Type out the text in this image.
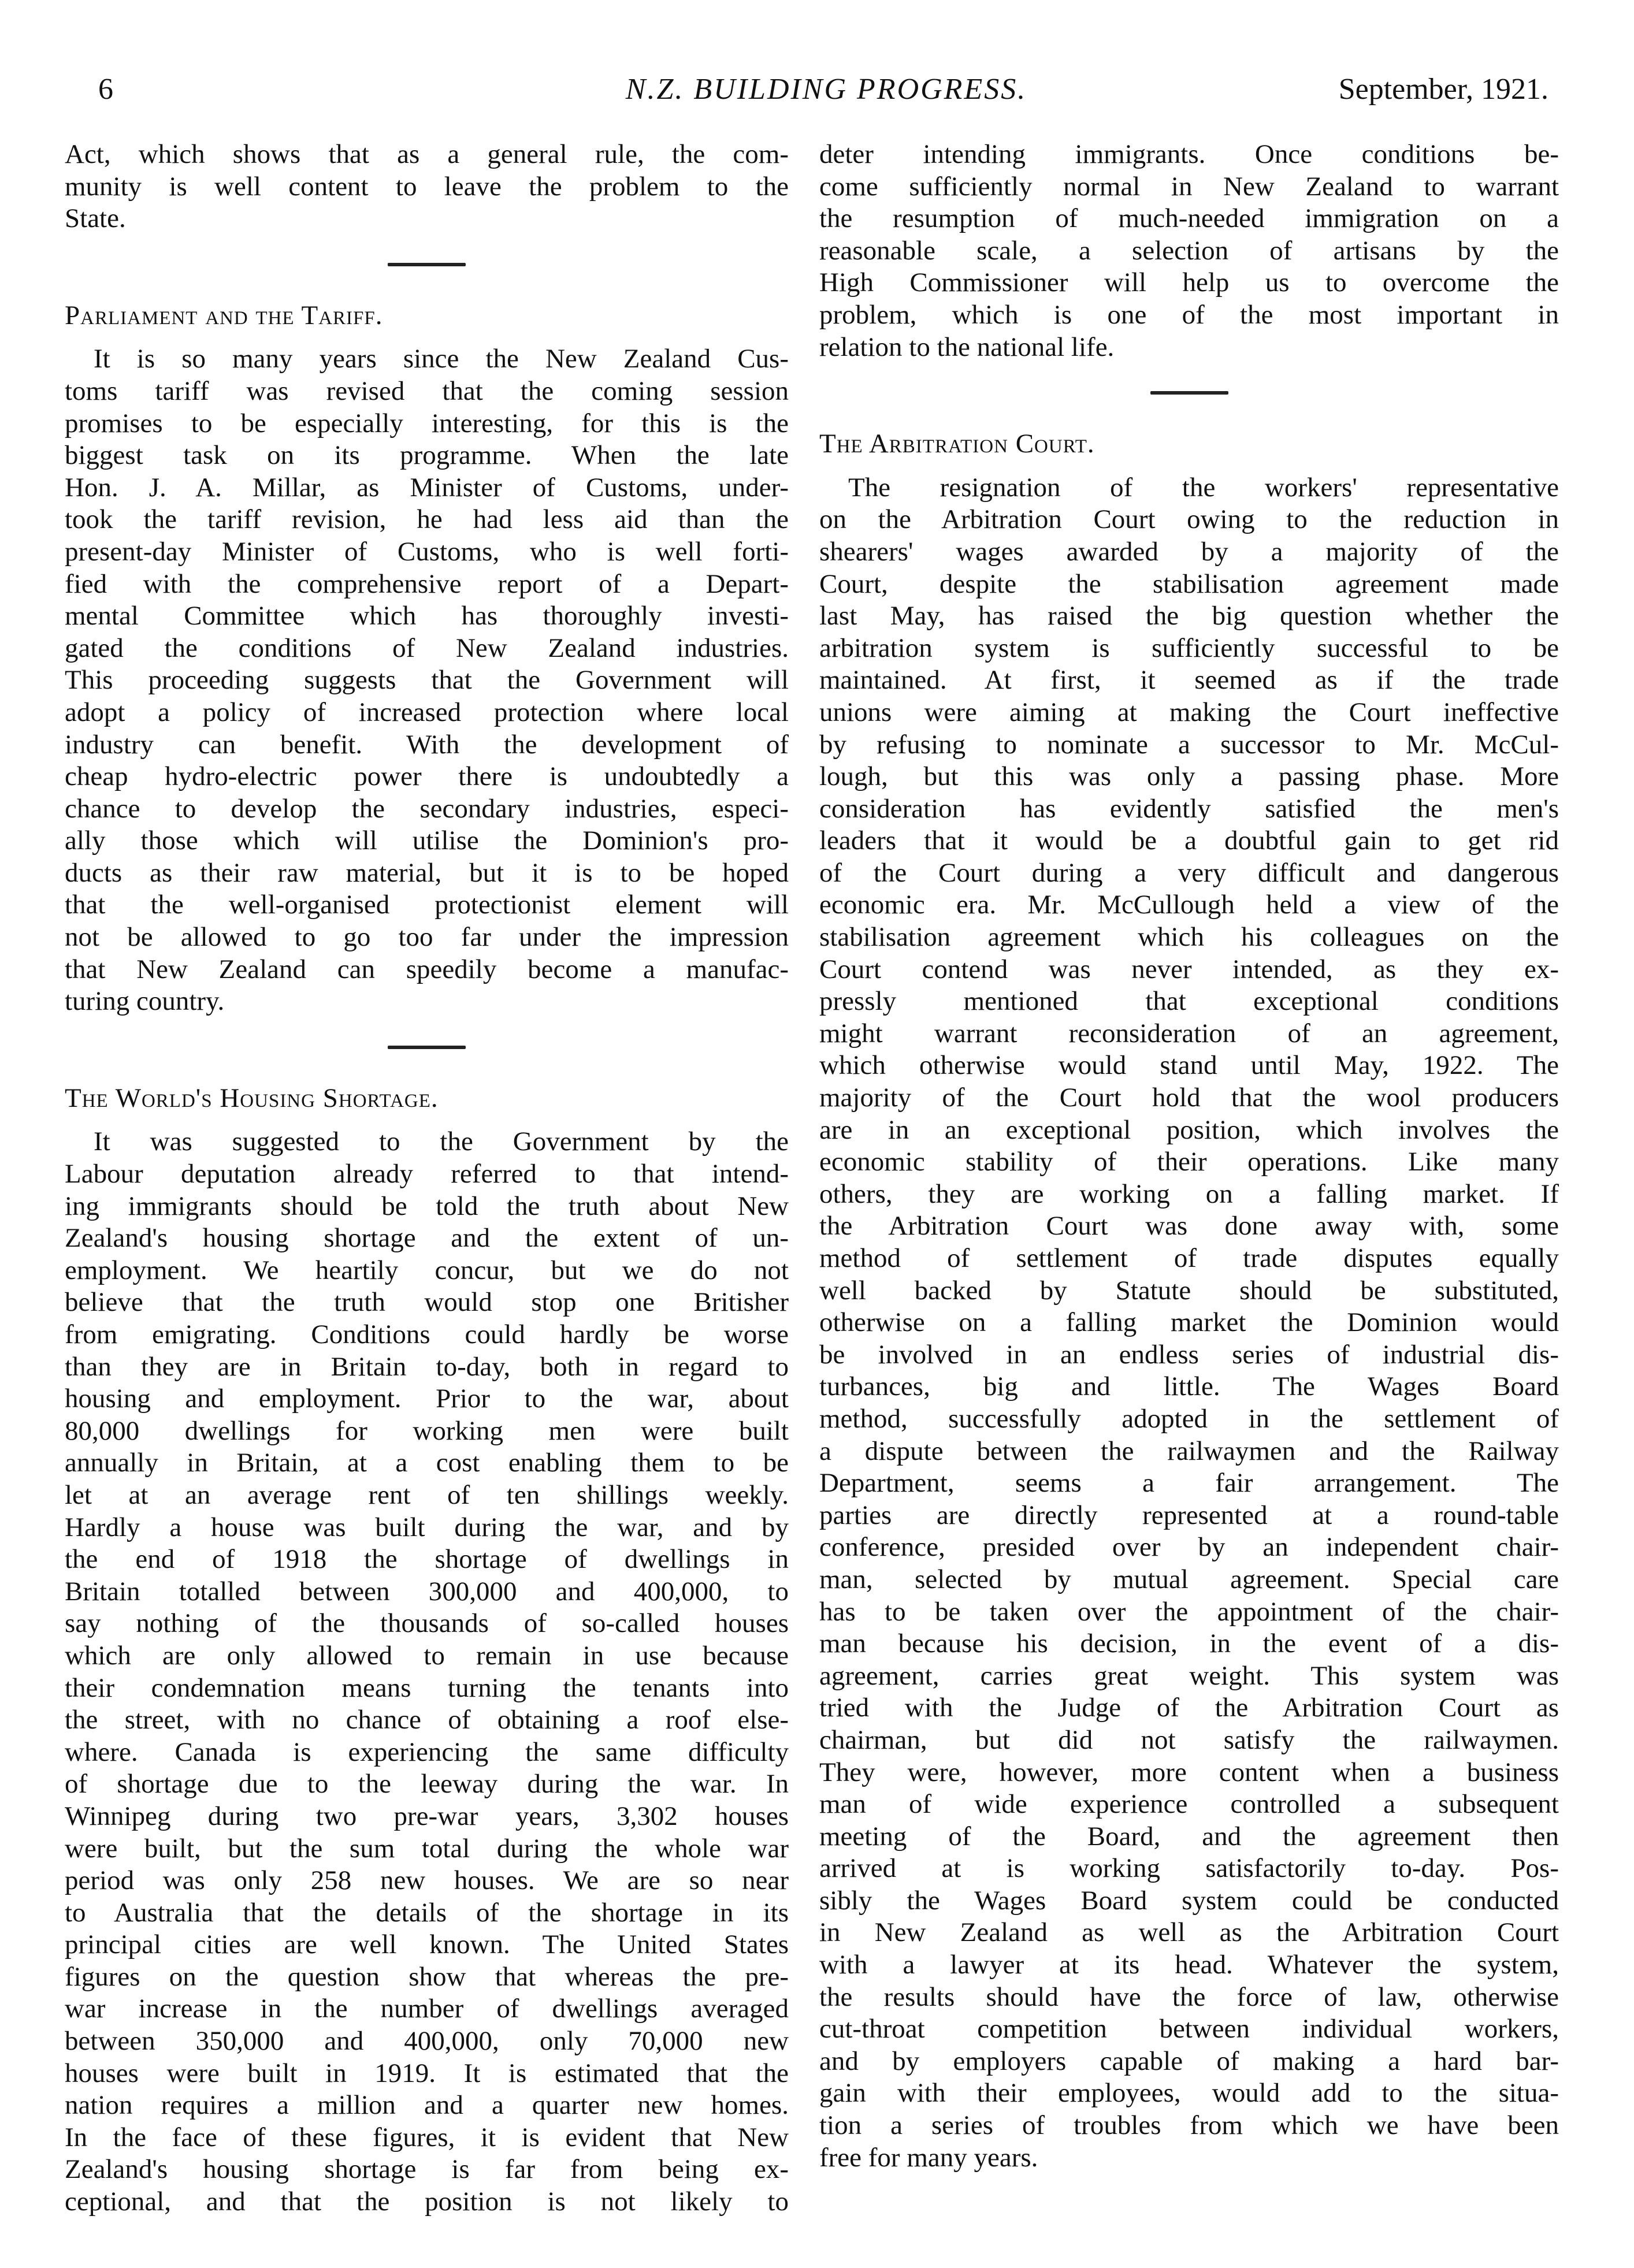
6	N.Z. BUILDING PROGRESS.	September, 1921.
Act, which shows that as a general rule, the com-
munity is well content to leave the problem to the
State.
Parliament and the Tariff.
It is so many years since the New Zealand Cus-
toms tariff was revised that the coming session
promises to be especially interesting, for this is the
biggest task on its programme. When the late
Hon. J. A. Millar, as Minister of Customs, under-
took the tariff revision, he had less aid than the
present-day Minister of Customs, who is well forti-
fied with the comprehensive report of a Depart-
mental Committee which has thoroughly investi-
gated the conditions of New Zealand industries.
This proceeding suggests that the Government will
adopt a policy of increased protection where local
industry can benefit. With the development of
cheap hydro-electric power there is undoubtedly a
chance to develop the secondary industries, especi-
ally those which will utilise the Dominion's pro-
ducts as their raw material, but it is to be hoped
that the well-organised protectionist element will
not be allowed to go too far under the impression
that New Zealand can speedily become a manufac-
turing country.
The World's Housing Shortage.
It was suggested to the Government by the
Labour deputation already referred to that intend-
ing immigrants should be told the truth about New
Zealand's housing shortage and the extent of un-
employment. We heartily concur, but we do not
believe that the truth would stop one Britisher
from emigrating. Conditions could hardly be worse
than they are in Britain to-day, both in regard to
housing and employment. Prior to the war, about
80,000 dwellings for working men were built
annually in Britain, at a cost enabling them to be
let at an average rent of ten shillings weekly.
Hardly a house was built during the war, and by
the end of 1918 the shortage of dwellings in
Britain totalled between 300,000 and 400,000, to
say nothing of the thousands of so-called houses
which are only allowed to remain in use because
their condemnation means turning the tenants into
the street, with no chance of obtaining a roof else-
where. Canada is experiencing the same difficulty
of shortage due to the leeway during the war. In
Winnipeg during two pre-war years, 3,302 houses
were built, but the sum total during the whole war
period was only 258 new houses. We are so near
to Australia that the details of the shortage in its
principal cities are well known. The United States
figures on the question show that whereas the pre-
war increase in the number of dwellings averaged
between 350,000 and 400,000, only 70,000 new
houses were built in 1919. It is estimated that the
nation requires a million and a quarter new homes.
In the face of these figures, it is evident that New
Zealand's housing shortage is far from being ex-
ceptional, and that the position is not likely to
deter intending immigrants. Once conditions be-
come sufficiently normal in New Zealand to warrant
the resumption of much-needed immigration on a
reasonable scale, a selection of artisans by the
High Commissioner will help us to overcome the
problem, which is one of the most important in
relation to the national life.
The Arbitration Court.
The resignation of the workers' representative
on the Arbitration Court owing to the reduction in
shearers' wages awarded by a majority of the
Court, despite the stabilisation agreement made
last May, has raised the big question whether the
arbitration system is sufficiently successful to be
maintained. At first, it seemed as if the trade
unions were aiming at making the Court ineffective
by refusing to nominate a successor to Mr. McCul-
lough, but this was only a passing phase. More
consideration has evidently satisfied the men's
leaders that it would be a doubtful gain to get rid
of the Court during a very difficult and dangerous
economic era. Mr. McCullough held a view of the
stabilisation agreement which his colleagues on the
Court contend was never intended, as they ex-
pressly mentioned that exceptional conditions
might warrant reconsideration of an agreement,
which otherwise would stand until May, 1922. The
majority of the Court hold that the wool producers
are in an exceptional position, which involves the
economic stability of their operations. Like many
others, they are working on a falling market. If
the Arbitration Court was done away with, some
method of settlement of trade disputes equally
well backed by Statute should be substituted,
otherwise on a falling market the Dominion would
be involved in an endless series of industrial dis-
turbances, big and little. The Wages Board
method, successfully adopted in the settlement of
a dispute between the railwaymen and the Railway
Department, seems a fair arrangement. The
parties are directly represented at a round-table
conference, presided over by an independent chair-
man, selected by mutual agreement. Special care
has to be taken over the appointment of the chair-
man because his decision, in the event of a dis-
agreement, carries great weight. This system was
tried with the Judge of the Arbitration Court as
chairman, but did not satisfy the railwaymen.
They were, however, more content when a business
man of wide experience controlled a subsequent
meeting of the Board, and the agreement then
arrived at is working satisfactorily to-day. Pos-
sibly the Wages Board system could be conducted
in New Zealand as well as the Arbitration Court
with a lawyer at its head. Whatever the system,
the results should have the force of law, otherwise
cut-throat competition between individual workers,
and by employers capable of making a hard bar-
gain with their employees, would add to the situa-
tion a series of troubles from which we have been
free for many years.
